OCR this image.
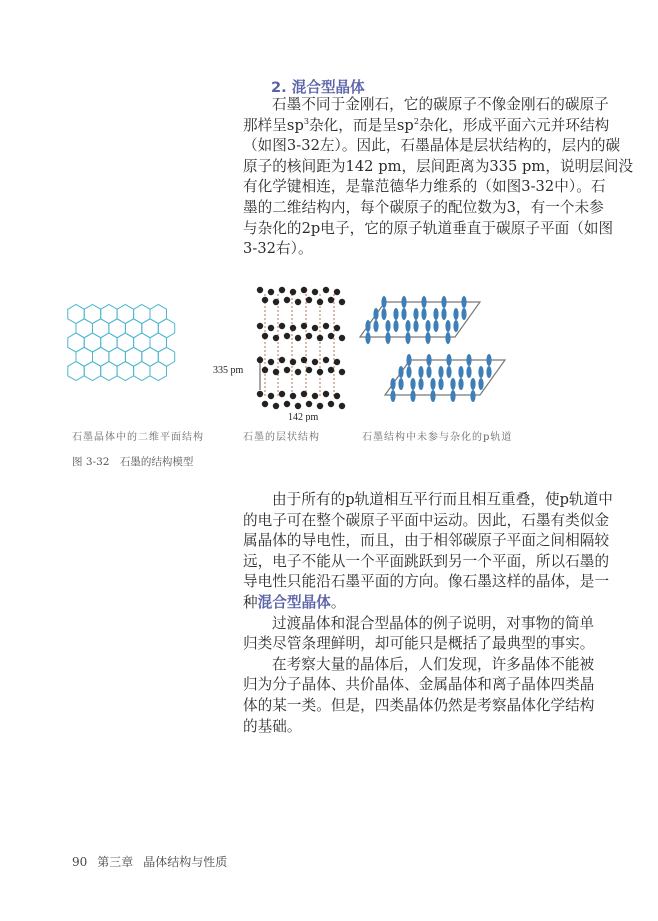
2. 混合型晶体
石墨不同于金刚石，它的碳原子不像金刚石的碳原子
那样呈$sp^3$杂化，而是呈$sp^2$杂化，形成平面六元并环结构
（如图3-32左）。因此，石墨晶体是层状结构的，层内的碳
原子的核间距为142 pm，层间距离为335 pm，说明层间没
有化学键相连，是靠范德华力维系的（如图3-32中）。石
墨的二维结构内，每个碳原子的配位数为3，有一个未参
与杂化的2p电子，它的原子轨道垂直于碳原子平面（如图
3-32右）。
335 pm
142 pm
石墨晶体中的二维平面结构	石墨的层状结构	石墨结构中未参与杂化的p轨道
图 3-32　石墨的结构模型
由于所有的p轨道相互平行而且相互重叠，使p轨道中
的电子可在整个碳原子平面中运动。因此，石墨有类似金
属晶体的导电性，而且，由于相邻碳原子平面之间相隔较
远，电子不能从一个平面跳跃到另一个平面，所以石墨的
导电性只能沿石墨平面的方向。像石墨这样的晶体，是一
种混合型晶体。
过渡晶体和混合型晶体的例子说明，对事物的简单
归类尽管条理鲜明，却可能只是概括了最典型的事实。
在考察大量的晶体后，人们发现，许多晶体不能被
归为分子晶体、共价晶体、金属晶体和离子晶体四类晶
体的某一类。但是，四类晶体仍然是考察晶体化学结构
的基础。
90 第三章 晶体结构与性质
